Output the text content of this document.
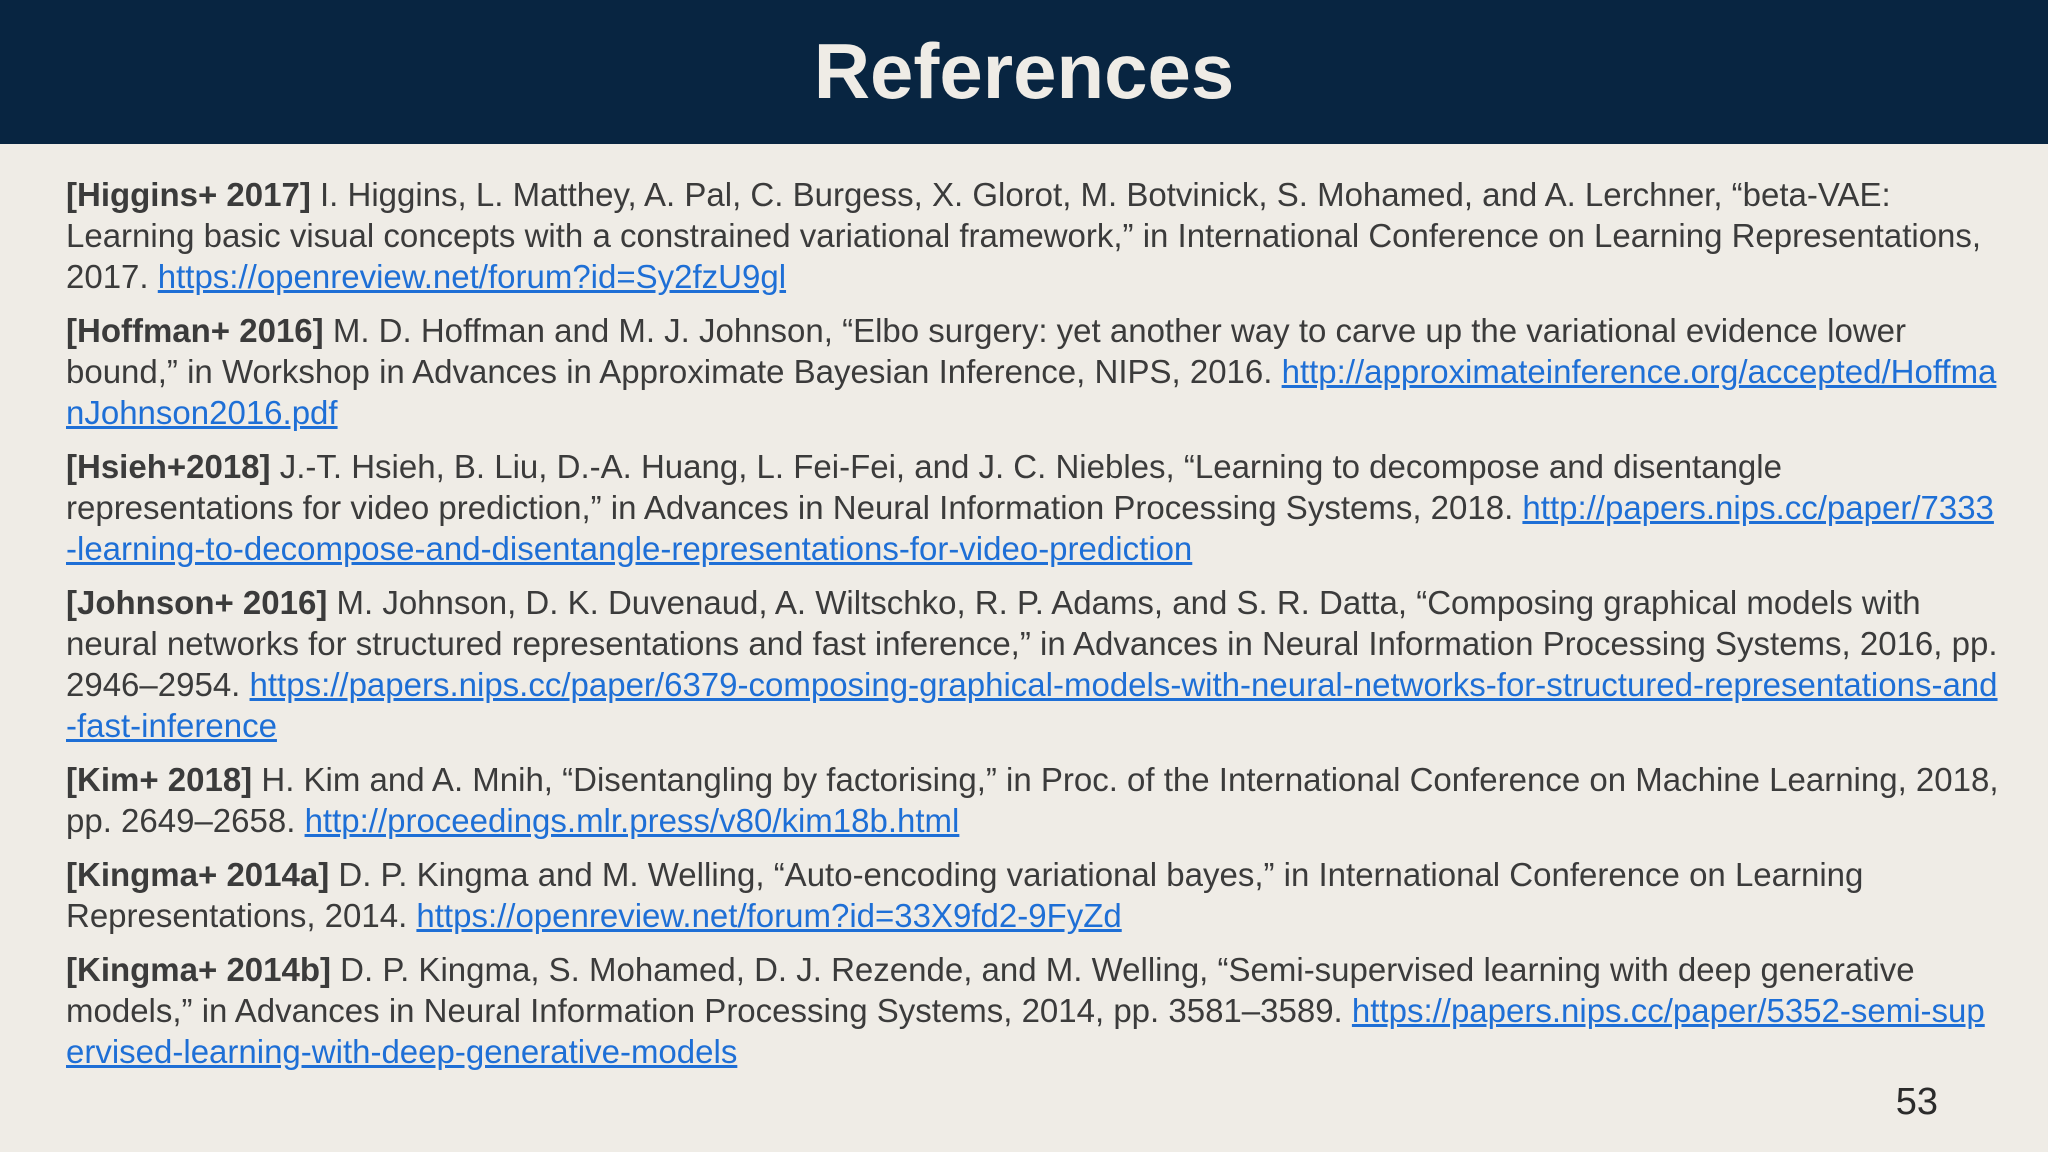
References

[Higgins+ 2017] I. Higgins, L. Matthey, A. Pal, C. Burgess, X. Glorot, M. Botvinick, S. Mohamed, and A. Lerchner, “beta-VAE: Learning basic visual concepts with a constrained variational framework,” in International Conference on Learning Representations, 2017. https://openreview.net/forum?id=Sy2fzU9gl

[Hoffman+ 2016] M. D. Hoffman and M. J. Johnson, “Elbo surgery: yet another way to carve up the variational evidence lower bound,” in Workshop in Advances in Approximate Bayesian Inference, NIPS, 2016. http://approximateinference.org/accepted/HoffmanJohnson2016.pdf

[Hsieh+2018] J.-T. Hsieh, B. Liu, D.-A. Huang, L. Fei-Fei, and J. C. Niebles, “Learning to decompose and disentangle representations for video prediction,” in Advances in Neural Information Processing Systems, 2018. http://papers.nips.cc/paper/7333-learning-to-decompose-and-disentangle-representations-for-video-prediction

[Johnson+ 2016] M. Johnson, D. K. Duvenaud, A. Wiltschko, R. P. Adams, and S. R. Datta, “Composing graphical models with neural networks for structured representations and fast inference,” in Advances in Neural Information Processing Systems, 2016, pp. 2946–2954. https://papers.nips.cc/paper/6379-composing-graphical-models-with-neural-networks-for-structured-representations-and-fast-inference

[Kim+ 2018] H. Kim and A. Mnih, “Disentangling by factorising,” in Proc. of the International Conference on Machine Learning, 2018, pp. 2649–2658. http://proceedings.mlr.press/v80/kim18b.html

[Kingma+ 2014a] D. P. Kingma and M. Welling, “Auto-encoding variational bayes,” in International Conference on Learning Representations, 2014. https://openreview.net/forum?id=33X9fd2-9FyZd

[Kingma+ 2014b] D. P. Kingma, S. Mohamed, D. J. Rezende, and M. Welling, “Semi-supervised learning with deep generative models,” in Advances in Neural Information Processing Systems, 2014, pp. 3581–3589. https://papers.nips.cc/paper/5352-semi-supervised-learning-with-deep-generative-models

53
